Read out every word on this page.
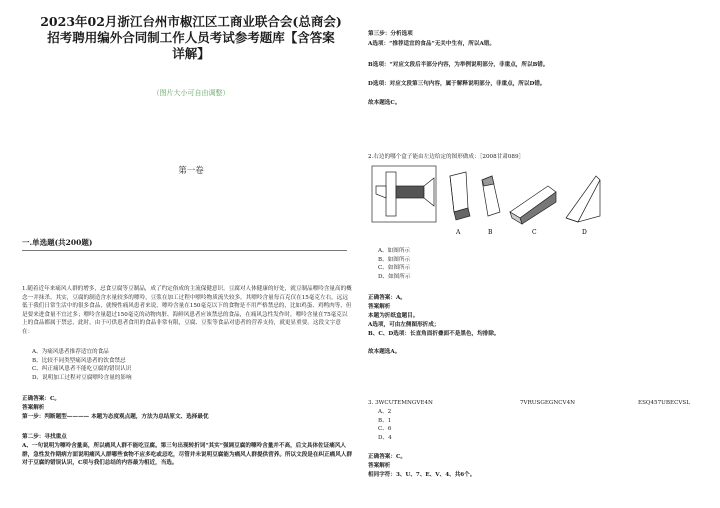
2023年02月浙江台州市椒江区工商业联合会(总商会)
招考聘用编外合同制工作人员考试参考题库【含答案
详解】
（图片大小可自由调整）
第一卷
一.单选题(共200题)
1.随着近年来痛风人群的增多，忌食豆腐等豆制品，成了约定俗成的主流保健意识。豆腐对人体健康的好处，就豆制品嘌呤含量高的概念一并抹杀。其实，豆腐的制造含水量较多的嘌呤，豆浆在加工过程中嘌呤物质流失较多。其嘌呤含量每百克仅在15毫克左右，远远低于我们日常生活中的很多食品，就慢性痛风患者来说，嘌呤含量在150毫克以下的食物是不用严格禁忌的，比如鸡蛋、鸡鸭肉等，但是要来进食量不宜过多；嘌呤含量超过150毫克的动物肉脏、海鲜风患者应该禁忌的食品，在痛风急性发作时，嘌呤含量在75毫克以上的食品都属于禁忌，此时，由于可供患者食用的食品非常有限，豆腐、豆浆等食品对患者的营养支持，就更显重要。这段文字意在：
A、为痛风患者推荐适宜的食品
B、比较不同类型痛风患者的饮食禁忌
C、纠正痛风患者不能吃豆腐的错误认识
D、说明加工过程对豆腐嘌呤含量的影响
正确答案：C。
答案解析
第一步：判断题型———— 本题为态度观点题，方法为总结原文、选择最优
第二步：寻找重点
A、一句说明为嘌呤含量高，所以痛风人群不能吃豆腐。第三句出现转折词“其实”强调豆腐的嘌呤含量并不高，后文具体佐证痛风人群，急性发作期病方面说明痛风人群哪些食物不应多吃或忌吃，尽管并未说明豆腐能为痛风人群提供营养。所以文段是在纠正痛风人群对于豆腐的错误认识，C项与我们总结的内容最为相近，当选。
第三步：分析选项
A选项：“推荐适宜的食品”无关中生有，所以A错。
B选项：“对应文段后半部分内容，为举例说明部分，非重点，所以B错。
D选项：对应文段第三句内容，属于解释说明部分，非重点，所以D错。
故本题选C。
2.右边的哪个盒子能由左边给定的图形做成：［2008甘肃089］
A	B	C	D
A、如图所示
B、如图所示
C、如图所示
D、如图所示
正确答案：A。
答案解析
本题为折纸盒题目。
A选项，可由左侧图形折成；
B、C、D选项：长直角面折叠面不是黑色，均排除。
故本题选A。
3. 3WCUTEMNGVE4N	7VRUSGEGNCV4N	ESQ457UBECVSL
A、2
B、1
C、6
D、4
正确答案：C。
答案解析
相同字符：3、U、7、E、V、4、共6个。
